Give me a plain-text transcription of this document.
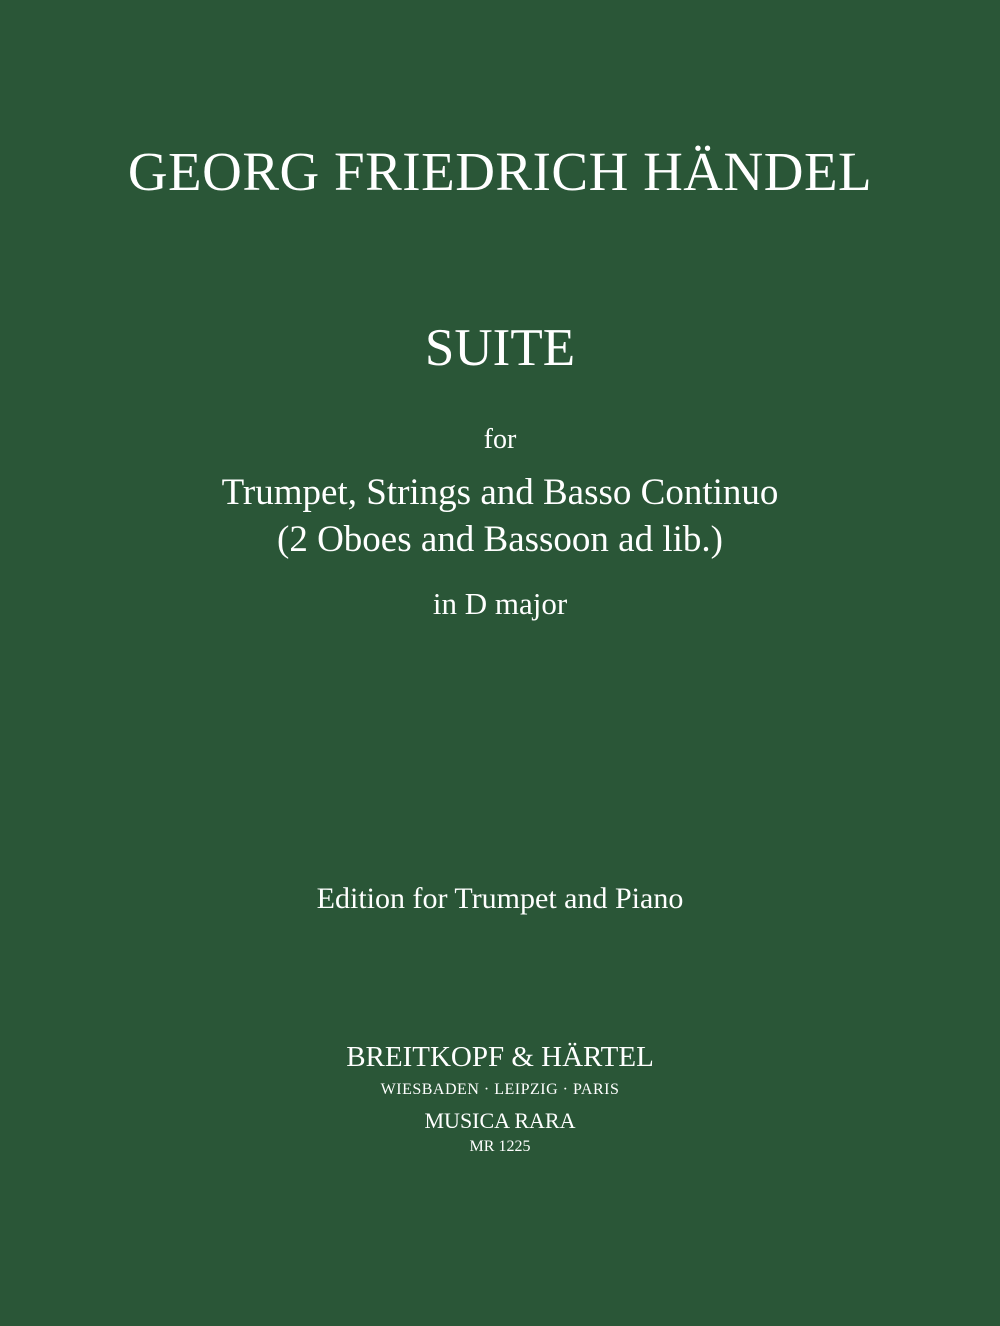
GEORG FRIEDRICH HÄNDEL
SUITE
for
Trumpet, Strings and Basso Continuo
(2 Oboes and Bassoon ad lib.)
in D major
Edition for Trumpet and Piano
BREITKOPF & HÄRTEL
WIESBADEN · LEIPZIG · PARIS
MUSICA RARA
MR 1225
